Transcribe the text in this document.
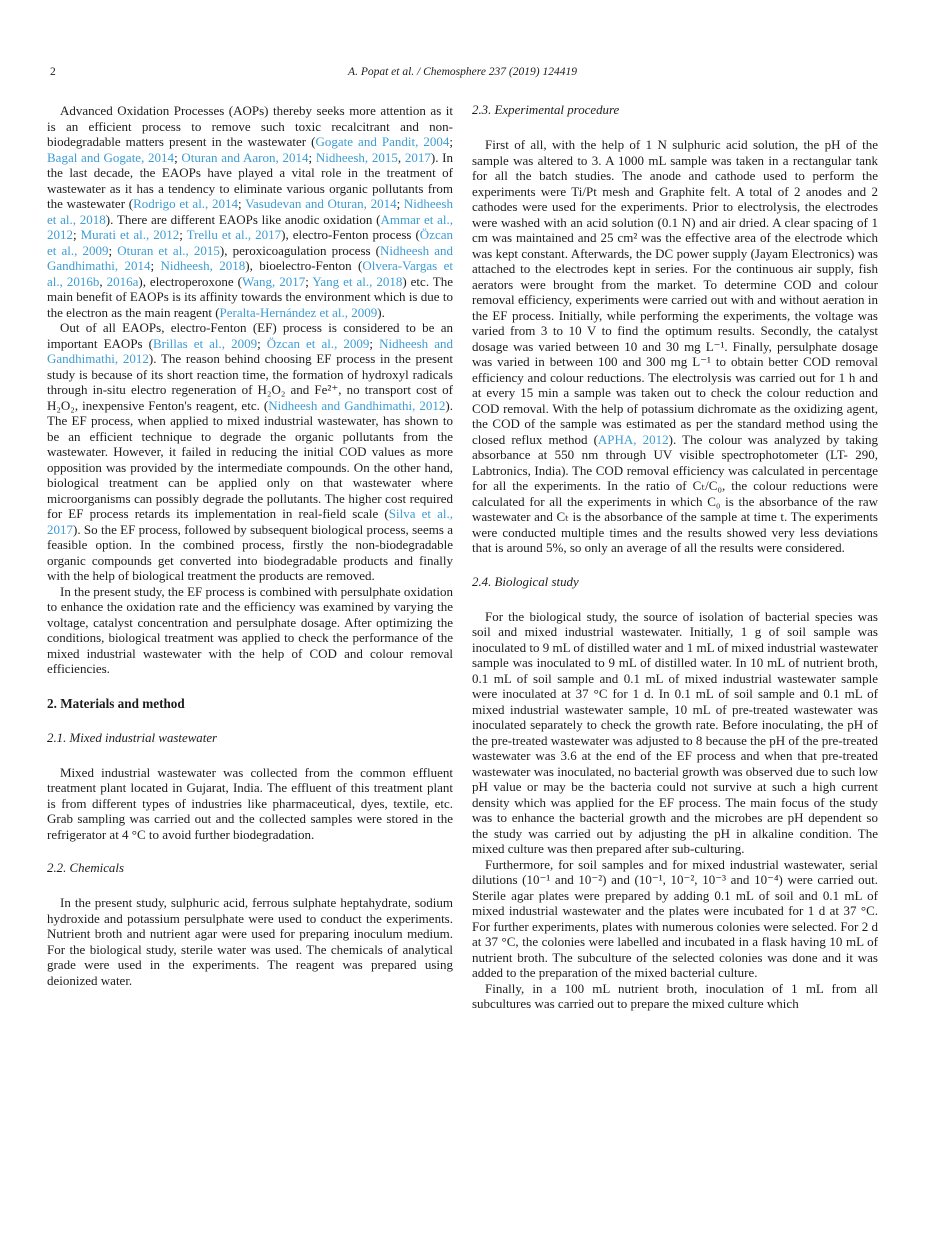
2	A. Popat et al. / Chemosphere 237 (2019) 124419

Advanced Oxidation Processes (AOPs) thereby seeks more attention as it is an efficient process to remove such toxic recalcitrant and non-biodegradable matters present in the wastewater (Gogate and Pandit, 2004; Bagal and Gogate, 2014; Oturan and Aaron, 2014; Nidheesh, 2015, 2017). In the last decade, the EAOPs have played a vital role in the treatment of wastewater as it has a tendency to eliminate various organic pollutants from the wastewater (Rodrigo et al., 2014; Vasudevan and Oturan, 2014; Nidheesh et al., 2018). There are different EAOPs like anodic oxidation (Ammar et al., 2012; Murati et al., 2012; Trellu et al., 2017), electro-Fenton process (Özcan et al., 2009; Oturan et al., 2015), peroxicoagulation process (Nidheesh and Gandhimathi, 2014; Nidheesh, 2018), bioelectro-Fenton (Olvera-Vargas et al., 2016b, 2016a), electroperoxone (Wang, 2017; Yang et al., 2018) etc. The main benefit of EAOPs is its affinity towards the environment which is due to the electron as the main reagent (Peralta-Hernández et al., 2009).

Out of all EAOPs, electro-Fenton (EF) process is considered to be an important EAOPs (Brillas et al., 2009; Özcan et al., 2009; Nidheesh and Gandhimathi, 2012). The reason behind choosing EF process in the present study is because of its short reaction time, the formation of hydroxyl radicals through in-situ electro regeneration of H₂O₂ and Fe²⁺, no transport cost of H₂O₂, inexpensive Fenton's reagent, etc. (Nidheesh and Gandhimathi, 2012). The EF process, when applied to mixed industrial wastewater, has shown to be an efficient technique to degrade the organic pollutants from the wastewater. However, it failed in reducing the initial COD values as more opposition was provided by the intermediate compounds. On the other hand, biological treatment can be applied only on that wastewater where microorganisms can possibly degrade the pollutants. The higher cost required for EF process retards its implementation in real-field scale (Silva et al., 2017). So the EF process, followed by subsequent biological process, seems a feasible option. In the combined process, firstly the non-biodegradable organic compounds get converted into biodegradable products and finally with the help of biological treatment the products are removed.

In the present study, the EF process is combined with persulphate oxidation to enhance the oxidation rate and the efficiency was examined by varying the voltage, catalyst concentration and persulphate dosage. After optimizing the conditions, biological treatment was applied to check the performance of the mixed industrial wastewater with the help of COD and colour removal efficiencies.

2. Materials and method
2.1. Mixed industrial wastewater

Mixed industrial wastewater was collected from the common effluent treatment plant located in Gujarat, India. The effluent of this treatment plant is from different types of industries like pharmaceutical, dyes, textile, etc. Grab sampling was carried out and the collected samples were stored in the refrigerator at 4 °C to avoid further biodegradation.

2.2. Chemicals

In the present study, sulphuric acid, ferrous sulphate heptahydrate, sodium hydroxide and potassium persulphate were used to conduct the experiments. Nutrient broth and nutrient agar were used for preparing inoculum medium. For the biological study, sterile water was used. The chemicals of analytical grade were used in the experiments. The reagent was prepared using deionized water.

2.3. Experimental procedure

First of all, with the help of 1 N sulphuric acid solution, the pH of the sample was altered to 3. A 1000 mL sample was taken in a rectangular tank for all the batch studies. The anode and cathode used to perform the experiments were Ti/Pt mesh and Graphite felt. A total of 2 anodes and 2 cathodes were used for the experiments. Prior to electrolysis, the electrodes were washed with an acid solution (0.1 N) and air dried. A clear spacing of 1 cm was maintained and 25 cm² was the effective area of the electrode which was kept constant. Afterwards, the DC power supply (Jayam Electronics) was attached to the electrodes kept in series. For the continuous air supply, fish aerators were brought from the market. To determine COD and colour removal efficiency, experiments were carried out with and without aeration in the EF process. Initially, while performing the experiments, the voltage was varied from 3 to 10 V to find the optimum results. Secondly, the catalyst dosage was varied between 10 and 30 mg L⁻¹. Finally, persulphate dosage was varied in between 100 and 300 mg L⁻¹ to obtain better COD removal efficiency and colour reductions. The electrolysis was carried out for 1 h and at every 15 min a sample was taken out to check the colour reduction and COD removal. With the help of potassium dichromate as the oxidizing agent, the COD of the sample was estimated as per the standard method using the closed reflux method (APHA, 2012). The colour was analyzed by taking absorbance at 550 nm through UV visible spectrophotometer (LT- 290, Labtronics, India). The COD removal efficiency was calculated in percentage for all the experiments. In the ratio of Cₜ/C₀, the colour reductions were calculated for all the experiments in which C₀ is the absorbance of the raw wastewater and Cₜ is the absorbance of the sample at time t. The experiments were conducted multiple times and the results showed very less deviations that is around 5%, so only an average of all the results were considered.

2.4. Biological study

For the biological study, the source of isolation of bacterial species was soil and mixed industrial wastewater. Initially, 1 g of soil sample was inoculated to 9 mL of distilled water and 1 mL of mixed industrial wastewater sample was inoculated to 9 mL of distilled water. In 10 mL of nutrient broth, 0.1 mL of soil sample and 0.1 mL of mixed industrial wastewater sample were inoculated at 37 °C for 1 d. In 0.1 mL of soil sample and 0.1 mL of mixed industrial wastewater sample, 10 mL of pre-treated wastewater was inoculated separately to check the growth rate. Before inoculating, the pH of the pre-treated wastewater was adjusted to 8 because the pH of the pre-treated wastewater was 3.6 at the end of the EF process and when that pre-treated wastewater was inoculated, no bacterial growth was observed due to such low pH value or may be the bacteria could not survive at such a high current density which was applied for the EF process. The main focus of the study was to enhance the bacterial growth and the microbes are pH dependent so the study was carried out by adjusting the pH in alkaline condition. The mixed culture was then prepared after sub-culturing.

Furthermore, for soil samples and for mixed industrial wastewater, serial dilutions (10⁻¹ and 10⁻²) and (10⁻¹, 10⁻², 10⁻³ and 10⁻⁴) were carried out. Sterile agar plates were prepared by adding 0.1 mL of soil and 0.1 mL of mixed industrial wastewater and the plates were incubated for 1 d at 37 °C. For further experiments, plates with numerous colonies were selected. For 2 d at 37 °C, the colonies were labelled and incubated in a flask having 10 mL of nutrient broth. The subculture of the selected colonies was done and it was added to the preparation of the mixed bacterial culture.

Finally, in a 100 mL nutrient broth, inoculation of 1 mL from all subcultures was carried out to prepare the mixed culture which
